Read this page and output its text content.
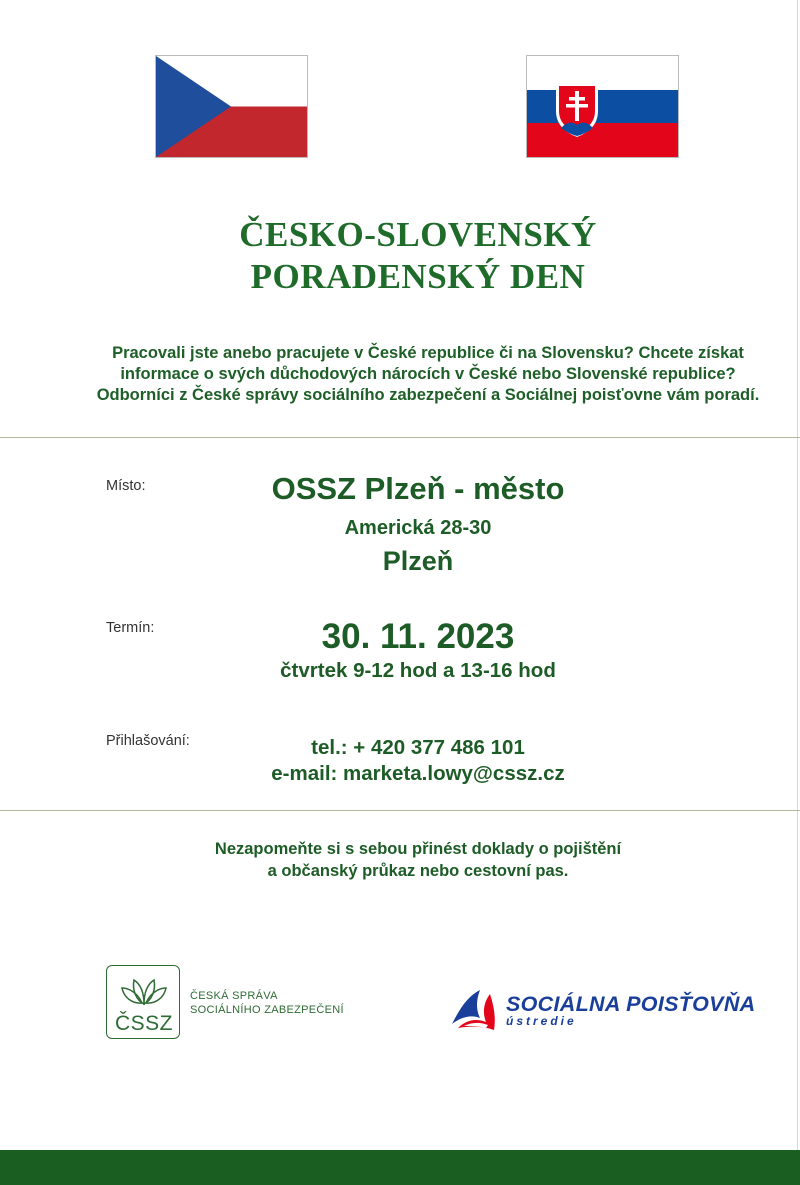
ČESKO-SLOVENSKÝ
PORADENSKÝ DEN
Pracovali jste anebo pracujete v České republice či na Slovensku? Chcete získat
informace o svých důchodových nárocích v České nebo Slovenské republice?
Odborníci z České správy sociálního zabezpečení a Sociálnej poisťovne vám poradí.
Místo:	OSSZ Plzeň - město
Americká 28-30
Plzeň
Termín:	30. 11. 2023
čtvrtek 9-12 hod a 13-16 hod
Přihlašování:	tel.: + 420 377 486 101
e-mail: marketa.lowy@cssz.cz
Nezapomeňte si s sebou přinést doklady o pojištění
a občanský průkaz nebo cestovní pas.
ČSSZ
ČESKÁ SPRÁVA
SOCIÁLNÍHO ZABEZPEČENÍ	SOCIÁLNA POISŤOVŇA
ústredie
